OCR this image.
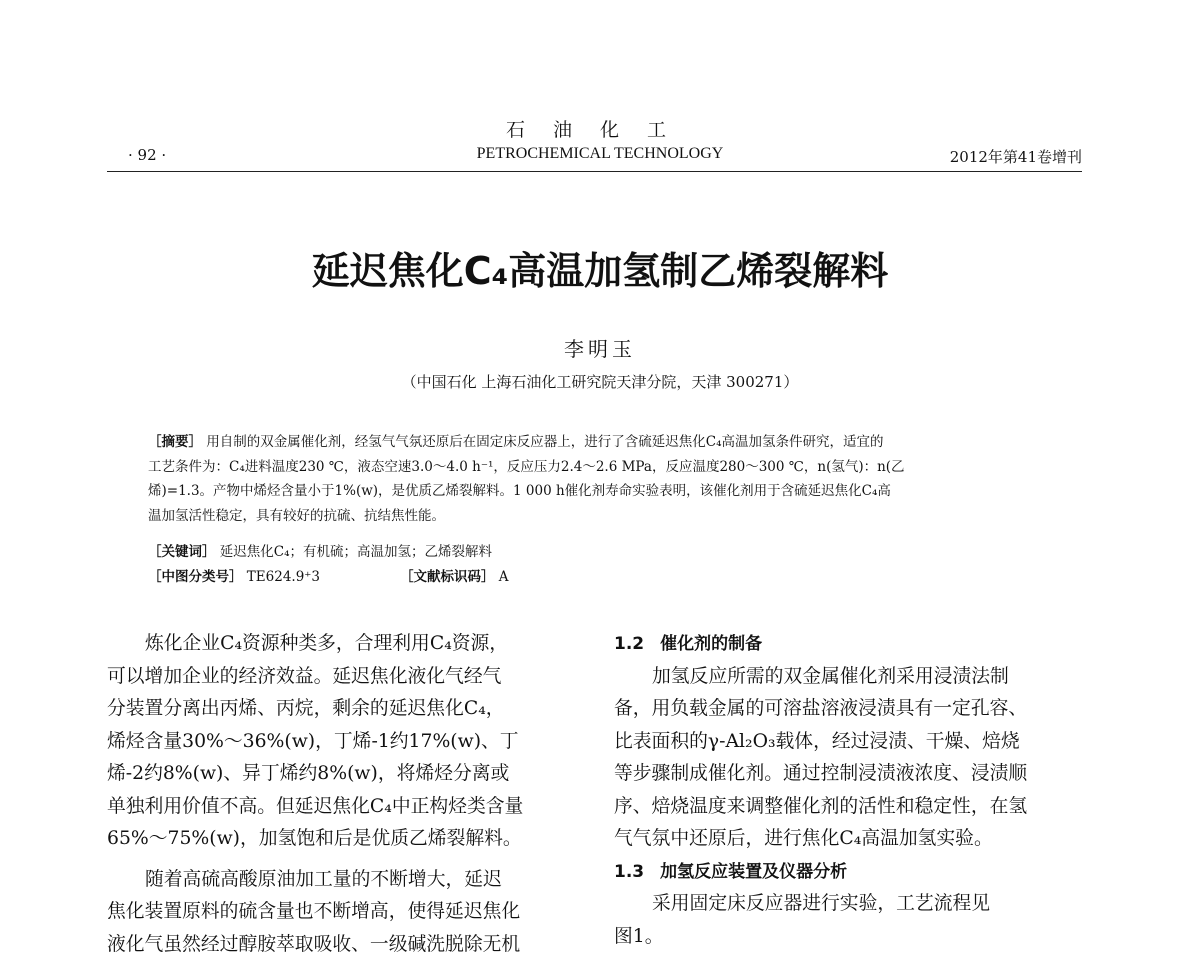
石油化工
· 92 ·	PETROCHEMICAL TECHNOLOGY	2012年第41卷增刊
延迟焦化C₄高温加氢制乙烯裂解料
李明玉
（中国石化 上海石油化工研究院天津分院，天津 300271）
［摘要］ 用自制的双金属催化剂，经氢气气氛还原后在固定床反应器上，进行了含硫延迟焦化C₄高温加氢条件研究，适宜的
工艺条件为：C₄进料温度230 ℃，液态空速3.0～4.0 h⁻¹，反应压力2.4～2.6 MPa，反应温度280～300 ℃，n(氢气)：n(乙
烯)=1.3。产物中烯烃含量小于1%(w)，是优质乙烯裂解料。1 000 h催化剂寿命实验表明，该催化剂用于含硫延迟焦化C₄高
温加氢活性稳定，具有较好的抗硫、抗结焦性能。
［关键词］ 延迟焦化C₄；有机硫；高温加氢；乙烯裂解料
［中图分类号］ TE624.9⁺3	［文献标识码］ A
炼化企业C₄资源种类多，合理利用C₄资源，
可以增加企业的经济效益。延迟焦化液化气经气
分装置分离出丙烯、丙烷，剩余的延迟焦化C₄，
烯烃含量30%～36%(w)，丁烯-1约17%(w)、丁
烯-2约8%(w)、异丁烯约8%(w)，将烯烃分离或
单独利用价值不高。但延迟焦化C₄中正构烃类含量
65%～75%(w)，加氢饱和后是优质乙烯裂解料。
随着高硫高酸原油加工量的不断增大，延迟
焦化装置原料的硫含量也不断增高，使得延迟焦化
液化气虽然经过醇胺萃取吸收、一级碱洗脱除无机
1.2 催化剂的制备
加氢反应所需的双金属催化剂采用浸渍法制
备，用负载金属的可溶盐溶液浸渍具有一定孔容、
比表面积的γ-Al₂O₃载体，经过浸渍、干燥、焙烧
等步骤制成催化剂。通过控制浸渍液浓度、浸渍顺
序、焙烧温度来调整催化剂的活性和稳定性，在氢
气气氛中还原后，进行焦化C₄高温加氢实验。
1.3 加氢反应装置及仪器分析
采用固定床反应器进行实验，工艺流程见
图1。
